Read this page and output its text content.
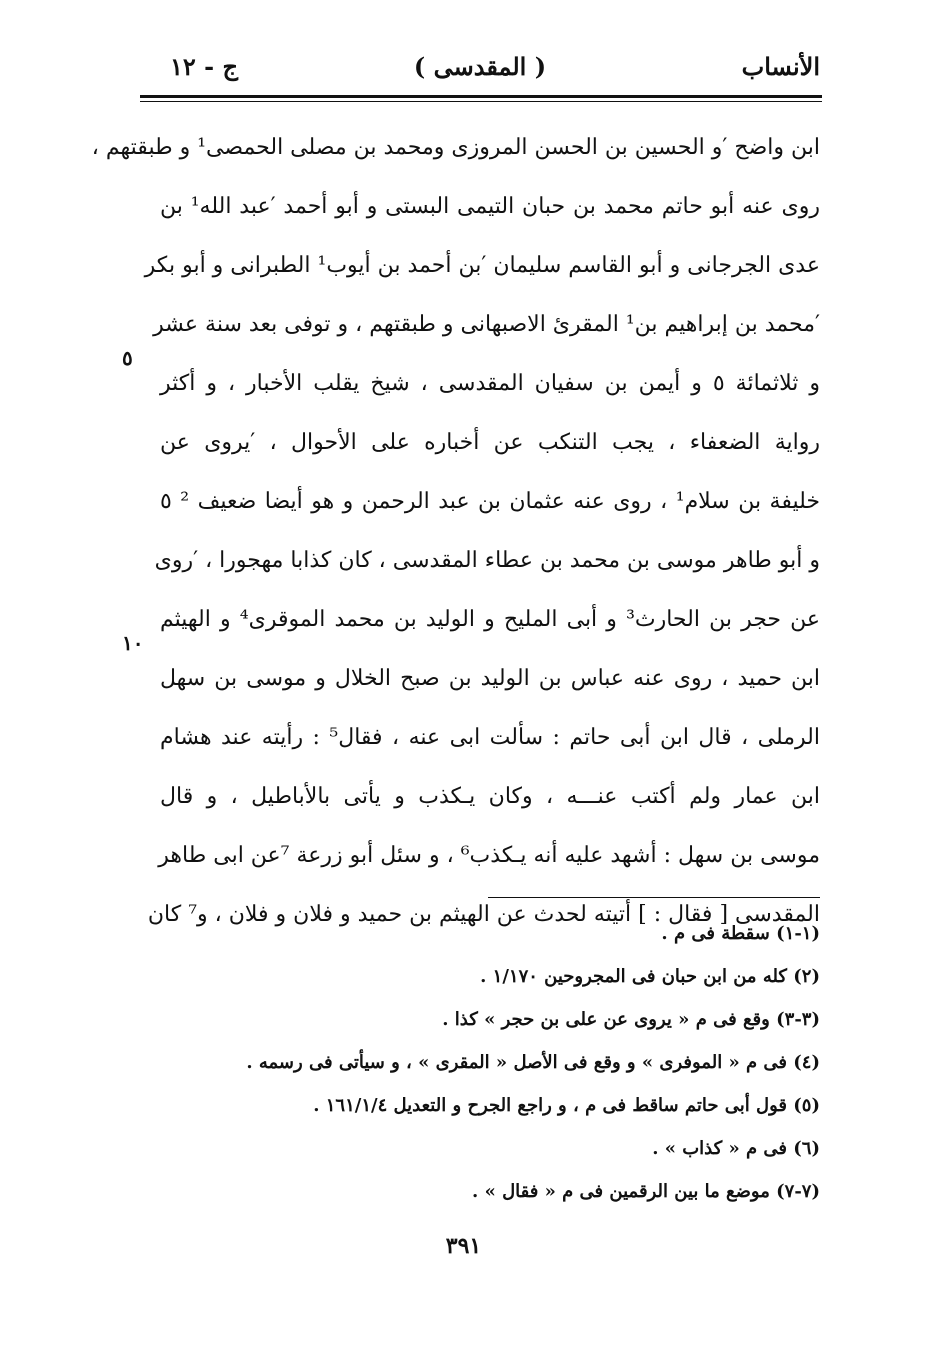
الأنساب
( المقدسى )
ج - ١٢
ابن واضح ′و الحسين بن الحسن المروزى ومحمد بن مصلى الحمصى¹ و طبقتهم ،
روى عنه أبو حاتم محمد بن حبان التيمى البستى و أبو أحمد ′عبد الله¹ بن
عدى الجرجانى و أبو القاسم سليمان ′بن أحمد بن أيوب¹ الطبرانى و أبو بكر
′محمد بن إبراهيم بن¹ المقرئ الاصبهانى و طبقتهم ، و توفى بعد سنة عشر
و ثلاثمائة ٥ و أيمن بن سفيان المقدسى ، شيخ يقلب الأخبار ، و أكثر
رواية الضعفاء ، يجب التنكب عن أخباره على الأحوال ، ′يروى عن
خليفة بن سلام¹ ، روى عنه عثمان بن عبد الرحمن و هو أيضا ضعيف ² ٥
و أبو طاهر موسى بن محمد بن عطاء المقدسى ، كان كذابا مهجورا ، ′روى
عن حجر بن الحارث³ و أبى المليح و الوليد بن محمد الموقرى⁴ و الهيثم
ابن حميد ، روى عنه عباس بن الوليد بن صبح الخلال و موسى بن سهل
الرملى ، قال ابن أبى حاتم : سألت ابى عنه ، فقال⁵ : رأيته عند هشام
ابن عمار ولم أكتب عنـــه ، وكان يـكذب و يأتى بالأباطيل ، و قال
موسى بن سهل : أشهد عليه أنه يـكذب⁶ ، و سئل أبو زرعة ⁷عن ابى طاهر
المقدسى [ فقال : ] أتيته لحدث عن الهيثم بن حميد و فلان و فلان ، و⁷ كان
٥
١٠
(١-١) سقطة فى م .
(٢) كله من ابن حبان فى المجروحين ١/١٧٠ .
(٣-٣) وقع فى م « يروى عن على بن حجر » كذا .
(٤) فى م « الموفرى » و وقع فى الأصل « المقرى » ، و سيأتى فى رسمه .
(٥) قول أبى حاتم ساقط فى م ، و راجع الجرح و التعديل ١٦١/١/٤ .
(٦) فى م « كذاب » .
(٧-٧) موضع ما بين الرقمين فى م « فقال » .
٣٩١
